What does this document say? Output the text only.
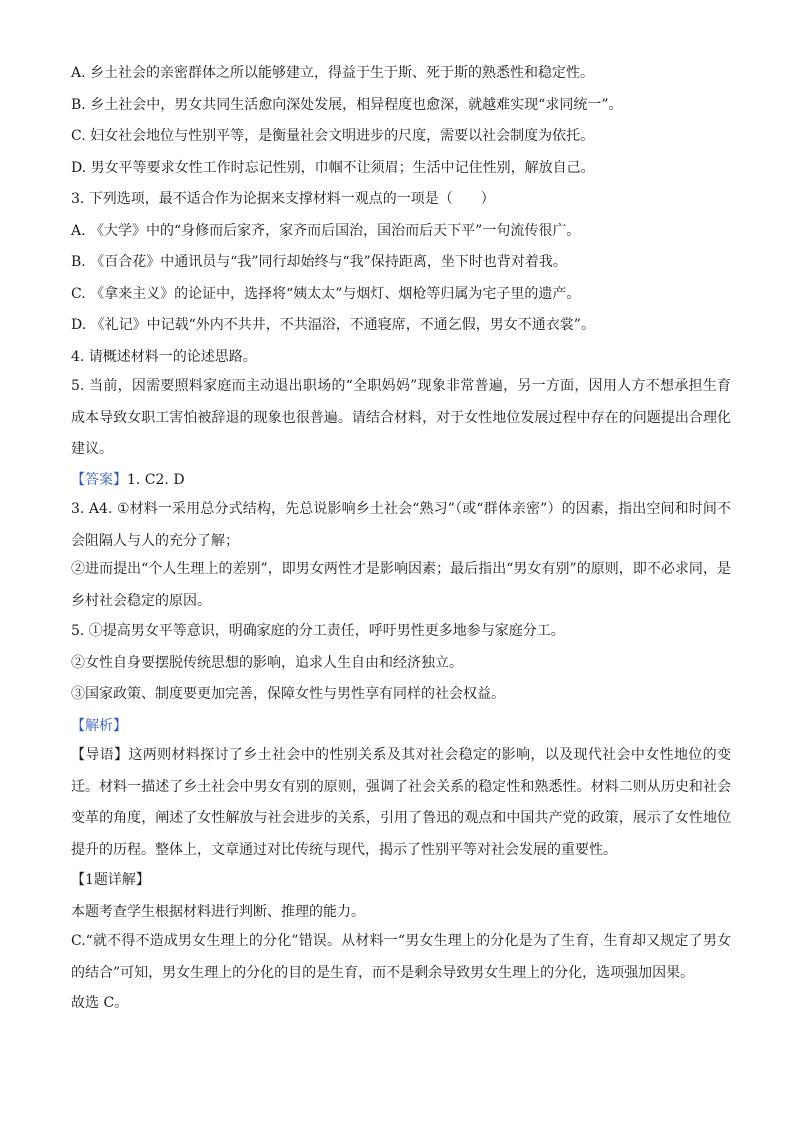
A. 乡土社会的亲密群体之所以能够建立，得益于生于斯、死于斯的熟悉性和稳定性。
B. 乡土社会中，男女共同生活愈向深处发展，相异程度也愈深，就越难实现“求同统一”。
C. 妇女社会地位与性别平等，是衡量社会文明进步的尺度，需要以社会制度为依托。
D. 男女平等要求女性工作时忘记性别，巾帼不让须眉；生活中记住性别，解放自己。
3. 下列选项，最不适合作为论据来支撑材料一观点的一项是（　　）
A. 《大学》中的“身修而后家齐，家齐而后国治，国治而后天下平”一句流传很广。
B. 《百合花》中通讯员与“我”同行却始终与“我”保持距离，坐下时也背对着我。
C. 《拿来主义》的论证中，选择将“姨太太”与烟灯、烟枪等归属为宅子里的遗产。
D. 《礼记》中记载“外内不共井，不共湢浴，不通寝席，不通乞假，男女不通衣裳”。
4. 请概述材料一的论述思路。
5. 当前，因需要照料家庭而主动退出职场的“全职妈妈”现象非常普遍，另一方面，因用人方不想承担生育成本导致女职工害怕被辞退的现象也很普遍。请结合材料，对于女性地位发展过程中存在的问题提出合理化建议。
【答案】1. C2. D
3. A4. ①材料一采用总分式结构，先总说影响乡土社会“熟习”（或“群体亲密”）的因素，指出空间和时间不会阻隔人与人的充分了解；
②进而提出“个人生理上的差别”，即男女两性才是影响因素；最后指出“男女有别”的原则，即不必求同，是乡村社会稳定的原因。
5. ①提高男女平等意识，明确家庭的分工责任，呼吁男性更多地参与家庭分工。
②女性自身要摆脱传统思想的影响，追求人生自由和经济独立。
③国家政策、制度要更加完善，保障女性与男性享有同样的社会权益。
【解析】
【导语】这两则材料探讨了乡土社会中的性别关系及其对社会稳定的影响，以及现代社会中女性地位的变迁。材料一描述了乡土社会中男女有别的原则，强调了社会关系的稳定性和熟悉性。材料二则从历史和社会变革的角度，阐述了女性解放与社会进步的关系，引用了鲁迅的观点和中国共产党的政策，展示了女性地位提升的历程。整体上，文章通过对比传统与现代，揭示了性别平等对社会发展的重要性。
【1题详解】
本题考查学生根据材料进行判断、推理的能力。
C.“就不得不造成男女生理上的分化”错误。从材料一“男女生理上的分化是为了生育，生育却又规定了男女的结合”可知，男女生理上的分化的目的是生育，而不是剩余导致男女生理上的分化，选项强加因果。
故选 C。
